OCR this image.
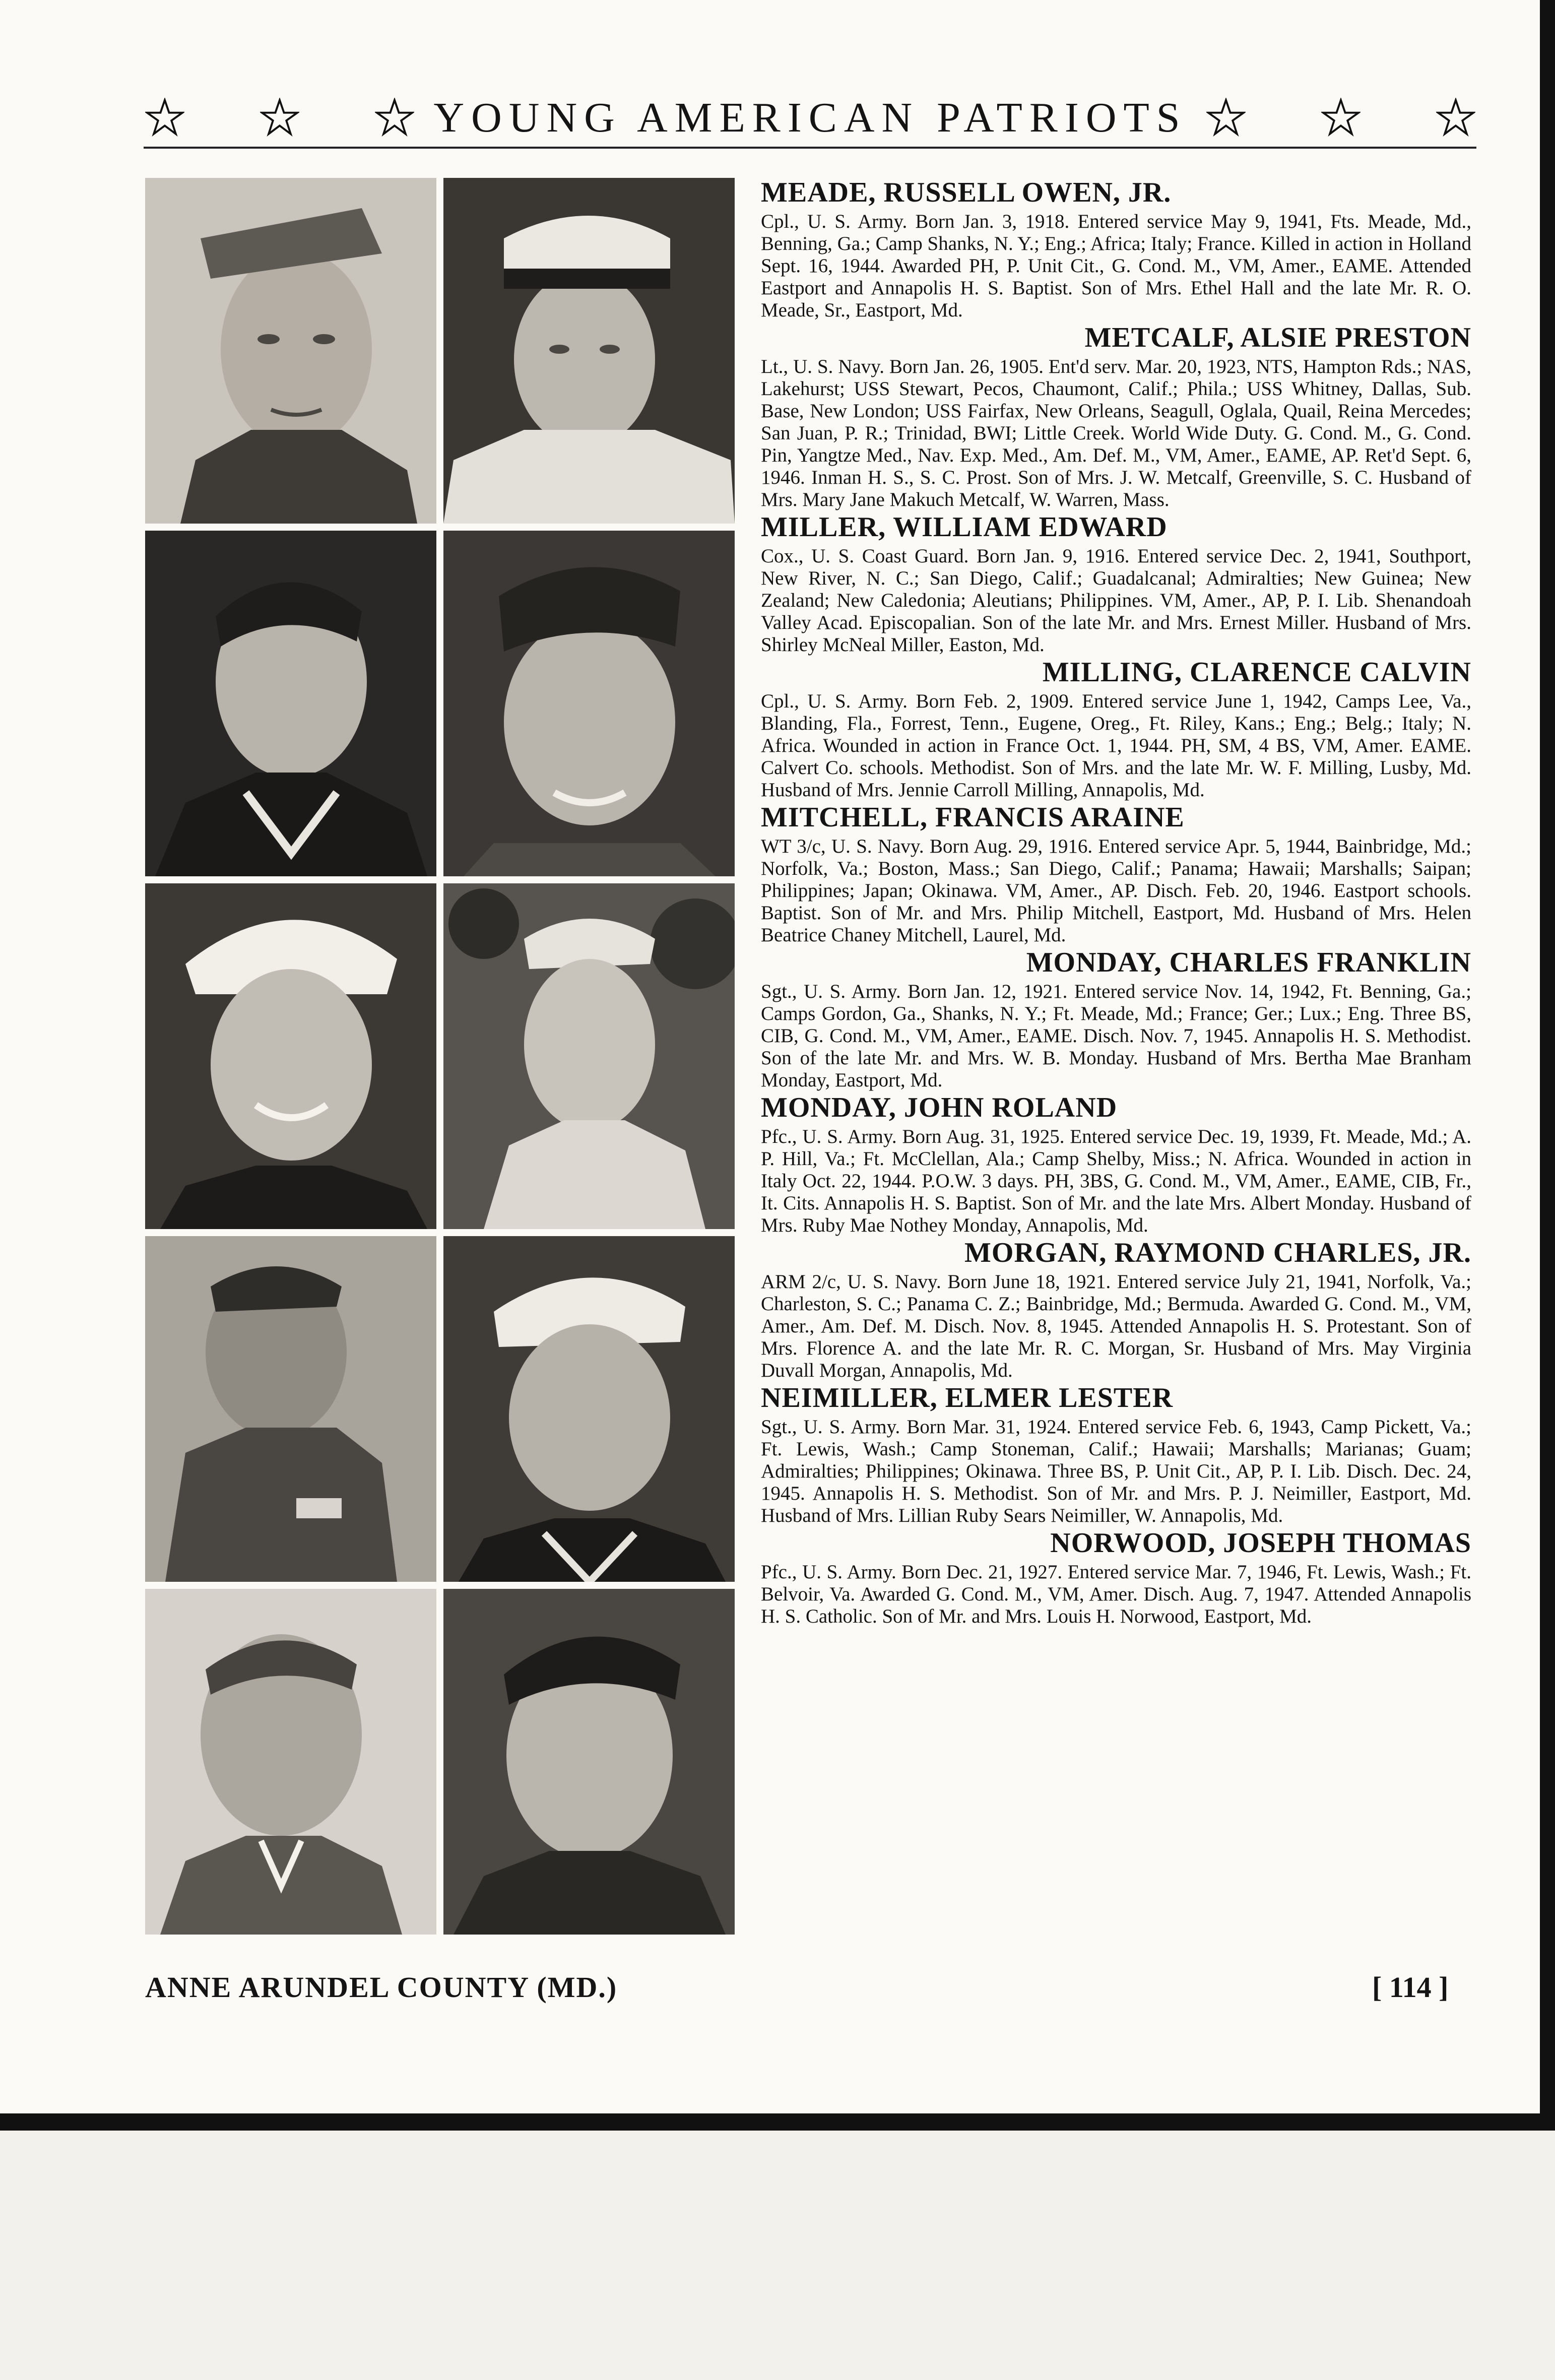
YOUNG AMERICAN PATRIOTS

MEADE, RUSSELL OWEN, JR.

Cpl., U. S. Army. Born Jan. 3, 1918. Entered service May 9, 1941, Fts. Meade, Md., Benning, Ga.; Camp Shanks, N. Y.; Eng.; Africa; Italy; France. Killed in action in Holland Sept. 16, 1944. Awarded PH, P. Unit Cit., G. Cond. M., VM, Amer., EAME. Attended Eastport and Annapolis H. S. Baptist. Son of Mrs. Ethel Hall and the late Mr. R. O. Meade, Sr., Eastport, Md.

METCALF, ALSIE PRESTON

Lt., U. S. Navy. Born Jan. 26, 1905. Ent'd serv. Mar. 20, 1923, NTS, Hampton Rds.; NAS, Lakehurst; USS Stewart, Pecos, Chaumont, Calif.; Phila.; USS Whitney, Dallas, Sub. Base, New London; USS Fairfax, New Orleans, Seagull, Oglala, Quail, Reina Mercedes; San Juan, P. R.; Trinidad, BWI; Little Creek. World Wide Duty. G. Cond. M., G. Cond. Pin, Yangtze Med., Nav. Exp. Med., Am. Def. M., VM, Amer., EAME, AP. Ret'd Sept. 6, 1946. Inman H. S., S. C. Prost. Son of Mrs. J. W. Metcalf, Greenville, S. C. Husband of Mrs. Mary Jane Makuch Metcalf, W. Warren, Mass.

MILLER, WILLIAM EDWARD

Cox., U. S. Coast Guard. Born Jan. 9, 1916. Entered service Dec. 2, 1941, Southport, New River, N. C.; San Diego, Calif.; Guadalcanal; Admiralties; New Guinea; New Zealand; New Caledonia; Aleutians; Philippines. VM, Amer., AP, P. I. Lib. Shenandoah Valley Acad. Episcopalian. Son of the late Mr. and Mrs. Ernest Miller. Husband of Mrs. Shirley McNeal Miller, Easton, Md.

MILLING, CLARENCE CALVIN

Cpl., U. S. Army. Born Feb. 2, 1909. Entered service June 1, 1942, Camps Lee, Va., Blanding, Fla., Forrest, Tenn., Eugene, Oreg., Ft. Riley, Kans.; Eng.; Belg.; Italy; N. Africa. Wounded in action in France Oct. 1, 1944. PH, SM, 4 BS, VM, Amer. EAME. Calvert Co. schools. Methodist. Son of Mrs. and the late Mr. W. F. Milling, Lusby, Md. Husband of Mrs. Jennie Carroll Milling, Annapolis, Md.

MITCHELL, FRANCIS ARAINE

WT 3/c, U. S. Navy. Born Aug. 29, 1916. Entered service Apr. 5, 1944, Bainbridge, Md.; Norfolk, Va.; Boston, Mass.; San Diego, Calif.; Panama; Hawaii; Marshalls; Saipan; Philippines; Japan; Okinawa. VM, Amer., AP. Disch. Feb. 20, 1946. Eastport schools. Baptist. Son of Mr. and Mrs. Philip Mitchell, Eastport, Md. Husband of Mrs. Helen Beatrice Chaney Mitchell, Laurel, Md.

MONDAY, CHARLES FRANKLIN

Sgt., U. S. Army. Born Jan. 12, 1921. Entered service Nov. 14, 1942, Ft. Benning, Ga.; Camps Gordon, Ga., Shanks, N. Y.; Ft. Meade, Md.; France; Ger.; Lux.; Eng. Three BS, CIB, G. Cond. M., VM, Amer., EAME. Disch. Nov. 7, 1945. Annapolis H. S. Methodist. Son of the late Mr. and Mrs. W. B. Monday. Husband of Mrs. Bertha Mae Branham Monday, Eastport, Md.

MONDAY, JOHN ROLAND

Pfc., U. S. Army. Born Aug. 31, 1925. Entered service Dec. 19, 1939, Ft. Meade, Md.; A. P. Hill, Va.; Ft. McClellan, Ala.; Camp Shelby, Miss.; N. Africa. Wounded in action in Italy Oct. 22, 1944. P.O.W. 3 days. PH, 3BS, G. Cond. M., VM, Amer., EAME, CIB, Fr., It. Cits. Annapolis H. S. Baptist. Son of Mr. and the late Mrs. Albert Monday. Husband of Mrs. Ruby Mae Nothey Monday, Annapolis, Md.

MORGAN, RAYMOND CHARLES, JR.

ARM 2/c, U. S. Navy. Born June 18, 1921. Entered service July 21, 1941, Norfolk, Va.; Charleston, S. C.; Panama C. Z.; Bainbridge, Md.; Bermuda. Awarded G. Cond. M., VM, Amer., Am. Def. M. Disch. Nov. 8, 1945. Attended Annapolis H. S. Protestant. Son of Mrs. Florence A. and the late Mr. R. C. Morgan, Sr. Husband of Mrs. May Virginia Duvall Morgan, Annapolis, Md.

NEIMILLER, ELMER LESTER

Sgt., U. S. Army. Born Mar. 31, 1924. Entered service Feb. 6, 1943, Camp Pickett, Va.; Ft. Lewis, Wash.; Camp Stoneman, Calif.; Hawaii; Marshalls; Marianas; Guam; Admiralties; Philippines; Okinawa. Three BS, P. Unit Cit., AP, P. I. Lib. Disch. Dec. 24, 1945. Annapolis H. S. Methodist. Son of Mr. and Mrs. P. J. Neimiller, Eastport, Md. Husband of Mrs. Lillian Ruby Sears Neimiller, W. Annapolis, Md.

NORWOOD, JOSEPH THOMAS

Pfc., U. S. Army. Born Dec. 21, 1927. Entered service Mar. 7, 1946, Ft. Lewis, Wash.; Ft. Belvoir, Va. Awarded G. Cond. M., VM, Amer. Disch. Aug. 7, 1947. Attended Annapolis H. S. Catholic. Son of Mr. and Mrs. Louis H. Norwood, Eastport, Md.

ANNE ARUNDEL COUNTY (MD.)	[ 114 ]
